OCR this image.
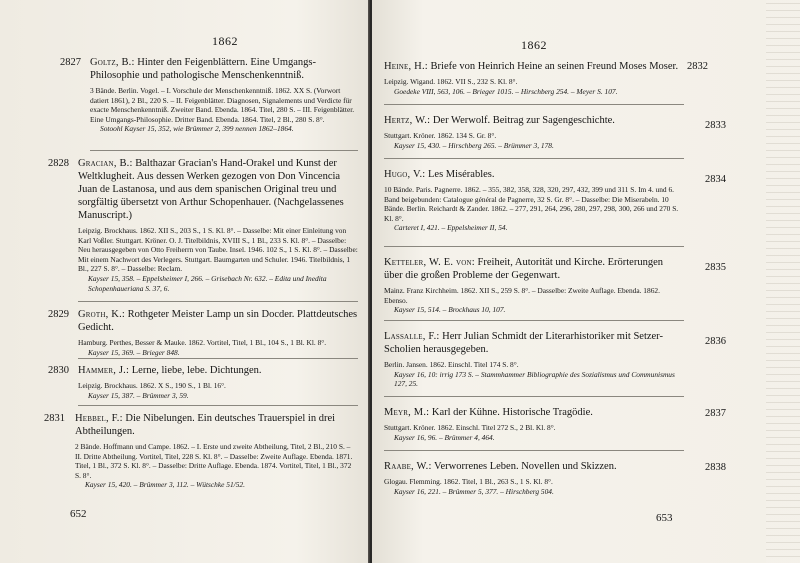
1862
2827 Goltz, B.: Hinter den Feigenblättern. Eine Umgangs-Philosophie und pathologische Menschenkenntniß.
3 Bände. Berlin. Vogel. – I. Vorschule der Menschenkenntniß. 1862. XX S. (Vorwort datiert 1861), 2 Bl., 220 S. – II. Feigenblätter. Diagnosen, Signalements und Verdicte für exacte Menschenkenntniß. Zweiter Band. Ebenda. 1864. Titel, 280 S. – III. Feigenblätter. Eine Umgangs-Philosophie. Dritter Band. Ebenda. 1864. Titel, 2 Bl., 280 S. 8°.
Sotoohl Kayser 15, 352, wie Brümmer 2, 399 nennen 1862–1864.
2828 Gracian, B.: Balthazar Gracian's Hand-Orakel und Kunst der Weltklugheit. Aus dessen Werken gezogen von Don Vincencia Juan de Lastanosa, und aus dem spanischen Original treu und sorgfältig übersetzt von Arthur Schopenhauer. (Nachgelassenes Manuscript.)
Leipzig. Brockhaus. 1862. XII S., 203 S., 1 S. Kl. 8°. – Dasselbe: Mit einer Einleitung von Karl Voßler. Stuttgart. Kröner. O. J. Titelbildnis, XVIII S., 1 Bl., 233 S. Kl. 8°. – Dasselbe: Neu herausgegeben von Otto Freiherrn von Taube. Insel. 1946. 102 S., 1 S. Kl. 8°. – Dasselbe: Mit einem Nachwort des Verlegers. Stuttgart. Baumgarten und Schuler. 1946. Titelbildnis, 1 Bl., 227 S. 8°. – Dasselbe: Reclam.
Kayser 15, 358. – Eppelsheimer I, 266. – Grisebach Nr. 632. – Edita und Inedita Schopenhaueriana S. 37, 6.
2829 Groth, K.: Rothgeter Meister Lamp un sin Docder. Plattdeutsches Gedicht.
Hamburg. Perthes, Besser & Mauke. 1862. Vortitel, Titel, 1 Bl., 104 S., 1 Bl. Kl. 8°.
Kayser 15, 369. – Brieger 848.
2830 Hammer, J.: Lerne, liebe, lebe. Dichtungen.
Leipzig. Brockhaus. 1862. X S., 190 S., 1 Bl. 16°.
Kayser 15, 387. – Brümmer 3, 59.
2831 Hebbel, F.: Die Nibelungen. Ein deutsches Trauerspiel in drei Abtheilungen.
2 Bände. Hoffmann und Campe. 1862. – I. Erste und zweite Abtheilung, Titel, 2 Bl., 210 S. – II. Dritte Abtheilung. Vortitel, Titel, 228 S. Kl. 8°. – Dasselbe: Zweite Auflage. Ebenda. 1871. Titel, 1 Bl., 372 S. Kl. 8°. – Dasselbe: Dritte Auflage. Ebenda. 1874. Vortitel, Titel, 1 Bl., 372 S. 8°.
Kayser 15, 420. – Brümmer 3, 112. – Wütschke 51/52.
652
1862
2832
Heine, H.: Briefe von Heinrich Heine an seinen Freund Moses Moser.
Leipzig. Wigand. 1862. VII S., 232 S. Kl. 8°.
Goedeke VIII, 563, 106. – Brieger 1015. – Hirschberg 254. – Meyer S. 107.
2833
Hertz, W.: Der Werwolf. Beitrag zur Sagengeschichte.
Stuttgart. Kröner. 1862. 134 S. Gr. 8°.
Kayser 15, 430. – Hirschberg 265. – Brümmer 3, 178.
2834
Hugo, V.: Les Misérables.
10 Bände. Paris. Pagnerre. 1862. – 355, 382, 358, 328, 320, 297, 432, 399 und 311 S. Im 4. und 6. Band beigebunden: Catalogue général de Pagnerre, 32 S. Gr. 8°. – Dasselbe: Die Miserabeln. 10 Bände. Berlin. Reichardt & Zander. 1862. – 277, 291, 264, 296, 280, 297, 298, 300, 266 und 270 S. Kl. 8°.
Carteret I, 421. – Eppelsheimer II, 54.
2835
Ketteler, W. E. von: Freiheit, Autorität und Kirche. Erörterungen über die großen Probleme der Gegenwart.
Mainz. Franz Kirchheim. 1862. XII S., 259 S. 8°. – Dasselbe: Zweite Auflage. Ebenda. 1862. Ebenso.
Kayser 15, 514. – Brockhaus 10, 107.
2836
Lassalle, F.: Herr Julian Schmidt der Literarhistoriker mit Setzer-Scholien herausgegeben.
Berlin. Jansen. 1862. Einschl. Titel 174 S. 8°.
Kayser 16, 10: irrig 173 S. – Stammhammer Bibliographie des Sozialismus und Communismus 127, 25.
2837
Meyr, M.: Karl der Kühne. Historische Tragödie.
Stuttgart. Kröner. 1862. Einschl. Titel 272 S., 2 Bl. Kl. 8°.
Kayser 16, 96. – Brümmer 4, 464.
2838
Raabe, W.: Verworrenes Leben. Novellen und Skizzen.
Glogau. Flemming. 1862. Titel, 1 Bl., 263 S., 1 S. Kl. 8°.
Kayser 16, 221. – Brümmer 5, 377. – Hirschberg 504.
653
